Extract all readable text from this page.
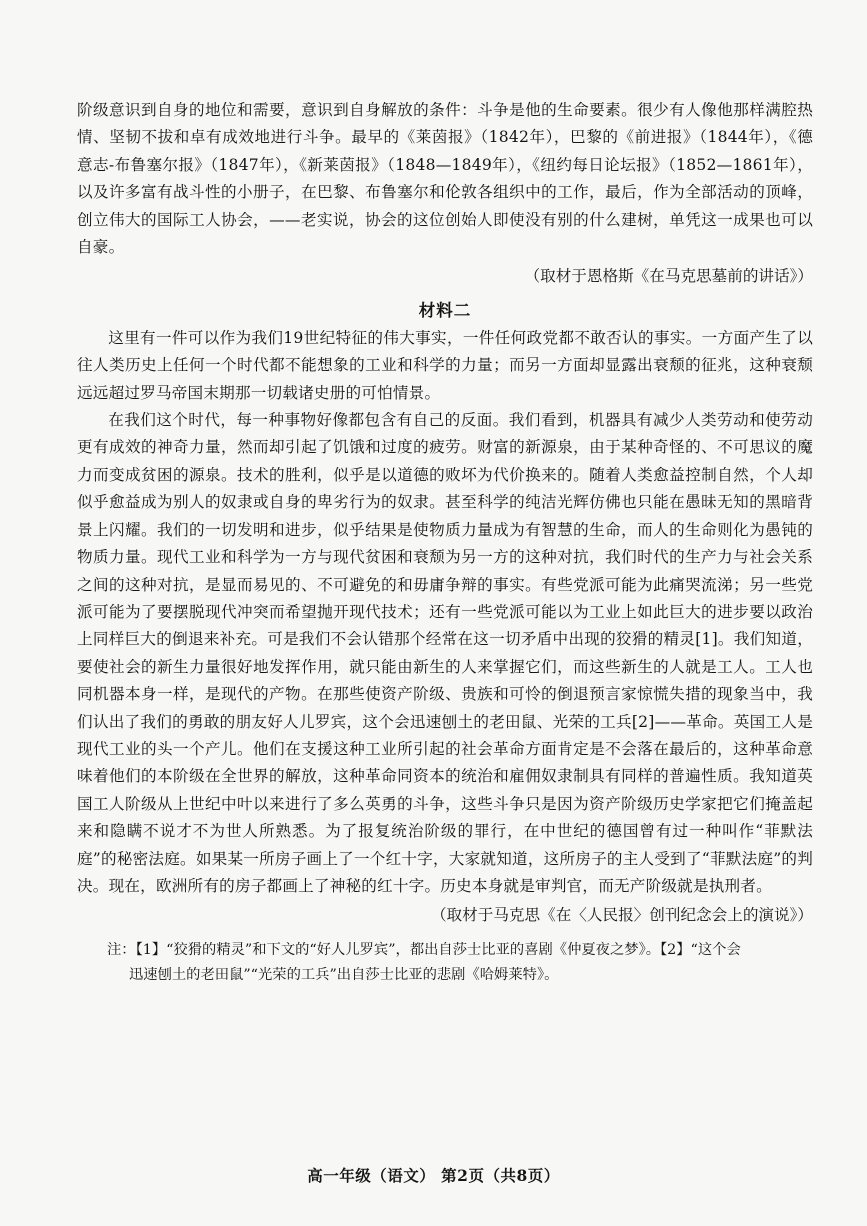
阶级意识到自身的地位和需要，意识到自身解放的条件：斗争是他的生命要素。很少有人像他那样满腔热情、坚韧不拔和卓有成效地进行斗争。最早的《莱茵报》（1842年），巴黎的《前进报》（1844年），《德意志-布鲁塞尔报》（1847年），《新莱茵报》（1848—1849年），《纽约每日论坛报》（1852—1861年），以及许多富有战斗性的小册子，在巴黎、布鲁塞尔和伦敦各组织中的工作，最后，作为全部活动的顶峰，创立伟大的国际工人协会，——老实说，协会的这位创始人即使没有别的什么建树，单凭这一成果也可以自豪。

（取材于恩格斯《在马克思墓前的讲话》）

材料二

这里有一件可以作为我们19世纪特征的伟大事实，一件任何政党都不敢否认的事实。一方面产生了以往人类历史上任何一个时代都不能想象的工业和科学的力量；而另一方面却显露出衰颓的征兆，这种衰颓远远超过罗马帝国末期那一切载诸史册的可怕情景。

在我们这个时代，每一种事物好像都包含有自己的反面。我们看到，机器具有减少人类劳动和使劳动更有成效的神奇力量，然而却引起了饥饿和过度的疲劳。财富的新源泉，由于某种奇怪的、不可思议的魔力而变成贫困的源泉。技术的胜利，似乎是以道德的败坏为代价换来的。随着人类愈益控制自然，个人却似乎愈益成为别人的奴隶或自身的卑劣行为的奴隶。甚至科学的纯洁光辉仿佛也只能在愚昧无知的黑暗背景上闪耀。我们的一切发明和进步，似乎结果是使物质力量成为有智慧的生命，而人的生命则化为愚钝的物质力量。现代工业和科学为一方与现代贫困和衰颓为另一方的这种对抗，我们时代的生产力与社会关系之间的这种对抗，是显而易见的、不可避免的和毋庸争辩的事实。有些党派可能为此痛哭流涕；另一些党派可能为了要摆脱现代冲突而希望抛开现代技术；还有一些党派可能以为工业上如此巨大的进步要以政治上同样巨大的倒退来补充。可是我们不会认错那个经常在这一切矛盾中出现的狡猾的精灵[1]。我们知道，要使社会的新生力量很好地发挥作用，就只能由新生的人来掌握它们，而这些新生的人就是工人。工人也同机器本身一样，是现代的产物。在那些使资产阶级、贵族和可怜的倒退预言家惊慌失措的现象当中，我们认出了我们的勇敢的朋友好人儿罗宾，这个会迅速刨土的老田鼠、光荣的工兵[2]——革命。英国工人是现代工业的头一个产儿。他们在支援这种工业所引起的社会革命方面肯定是不会落在最后的，这种革命意味着他们的本阶级在全世界的解放，这种革命同资本的统治和雇佣奴隶制具有同样的普遍性质。我知道英国工人阶级从上世纪中叶以来进行了多么英勇的斗争，这些斗争只是因为资产阶级历史学家把它们掩盖起来和隐瞒不说才不为世人所熟悉。为了报复统治阶级的罪行，在中世纪的德国曾有过一种叫作“菲默法庭”的秘密法庭。如果某一所房子画上了一个红十字，大家就知道，这所房子的主人受到了“菲默法庭”的判决。现在，欧洲所有的房子都画上了神秘的红十字。历史本身就是审判官，而无产阶级就是执刑者。

（取材于马克思《在〈人民报〉创刊纪念会上的演说》）

注：【1】“狡猾的精灵”和下文的“好人儿罗宾”，都出自莎士比亚的喜剧《仲夏夜之梦》。【2】“这个会

迅速刨土的老田鼠”“光荣的工兵”出自莎士比亚的悲剧《哈姆莱特》。

高一年级（语文） 第2页（共8页）
